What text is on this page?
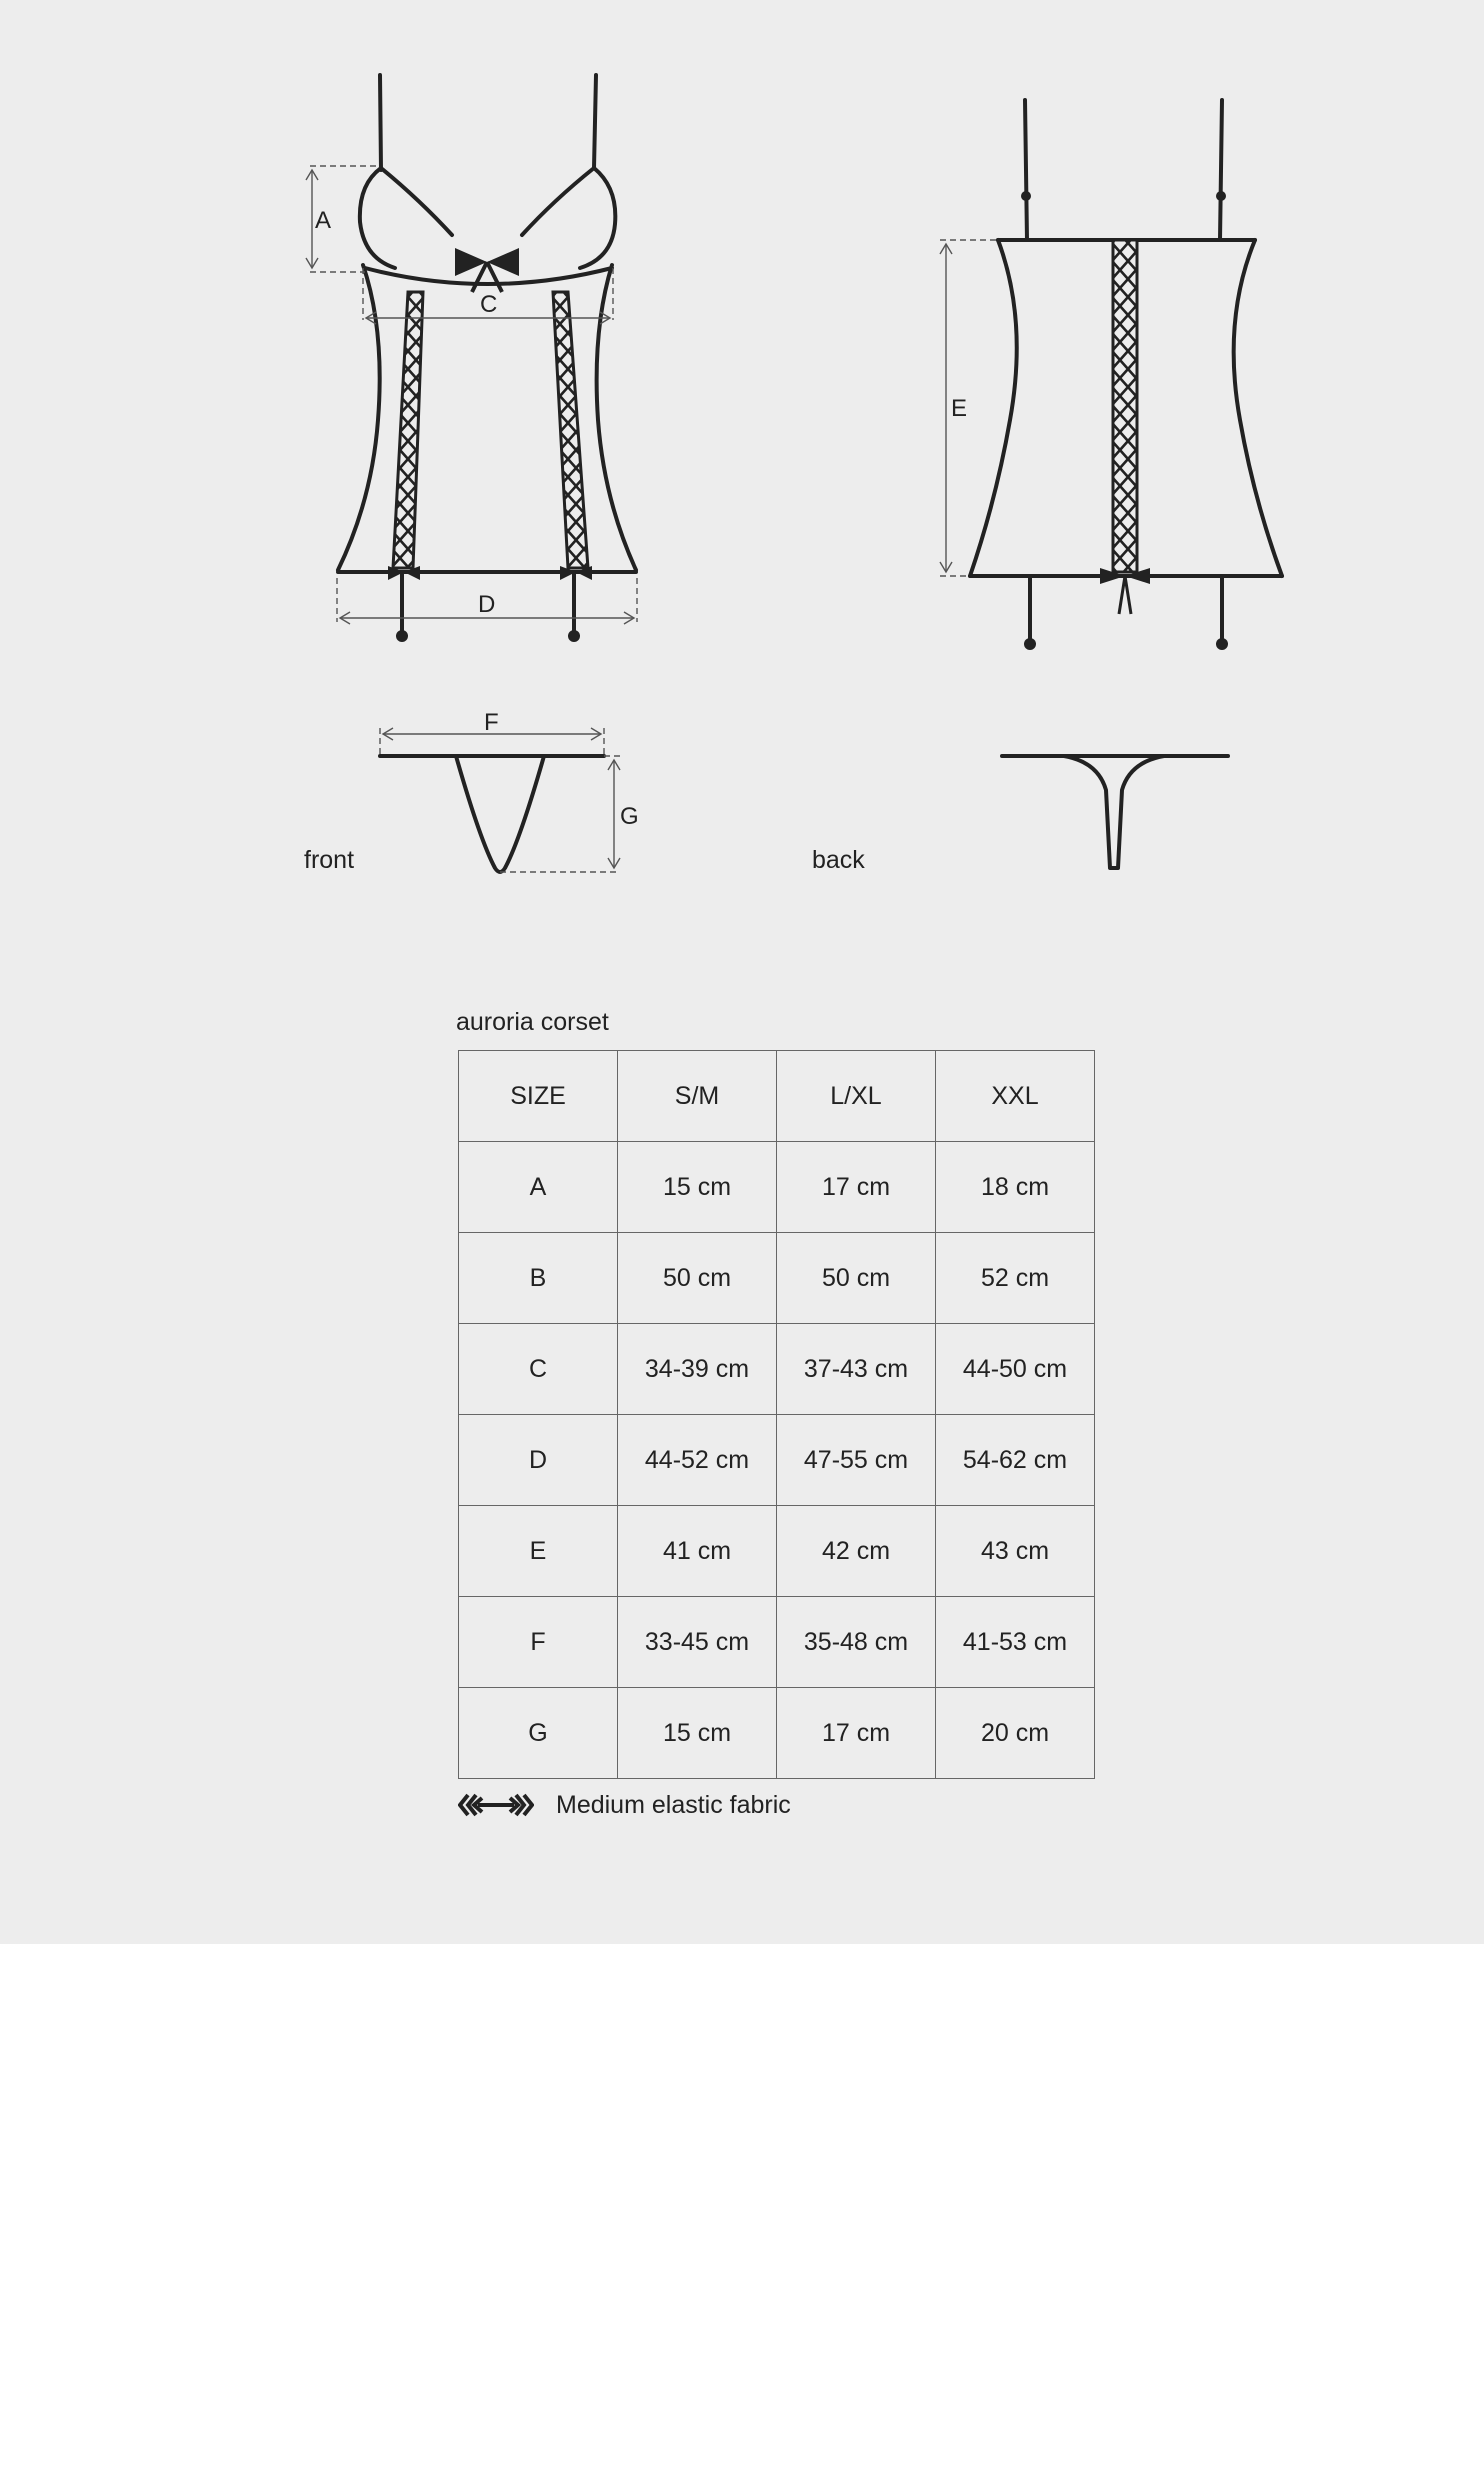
A
C
D
E
F
G
front	back
auroria corset
SIZE	S/M	L/XL	XXL
A	15 cm	17 cm	18 cm
B	50 cm	50 cm	52 cm
C	34-39 cm	37-43 cm	44-50 cm
D	44-52 cm	47-55 cm	54-62 cm
E	41 cm	42 cm	43 cm
F	33-45 cm	35-48 cm	41-53 cm
G	15 cm	17 cm	20 cm
Medium elastic fabric
